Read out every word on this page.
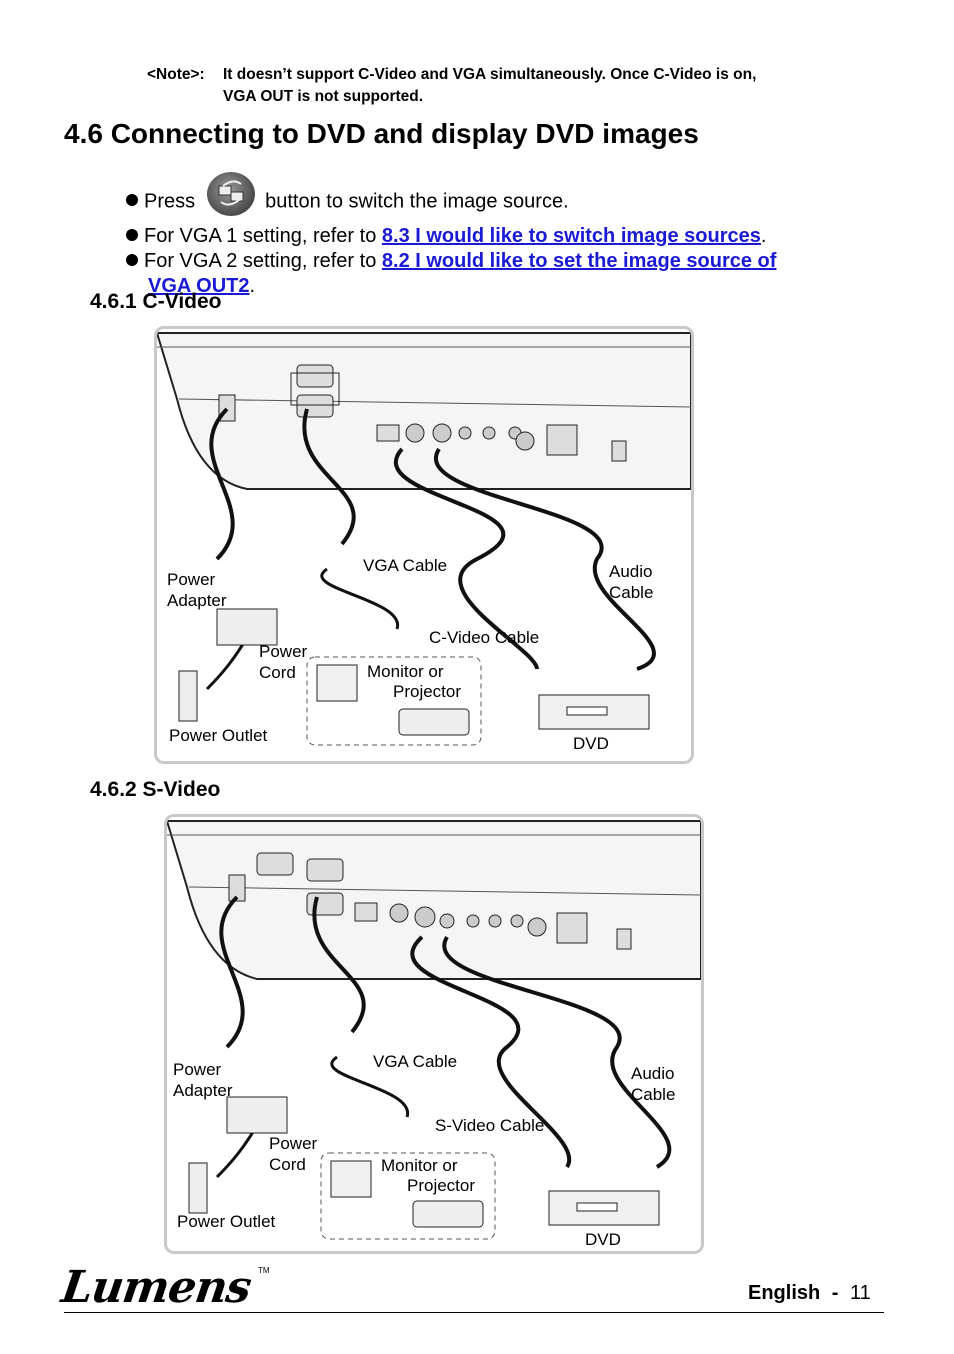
<Note>: It doesn’t support C-Video and VGA simultaneously. Once C-Video is on,
VGA OUT is not supported.
4.6 Connecting to DVD and display DVD images
Press	button to switch the image source.
For VGA 1 setting, refer to 8.3 I would like to switch image sources.
For VGA 2 setting, refer to 8.2 I would like to set the image source of
VGA OUT2.
4.6.1 C-Video
Power
Adapter
VGA Cable	Audio
Cable
C-Video Cable
Power
Cord	Monitor or
Projector
Power Outlet	DVD
4.6.2 S-Video
Power
Adapter
VGA Cable
Audio
Cable
S-Video Cable
Power
Cord	Monitor or
Projector
Power Outlet
DVD
Lumens TM
English - 11
